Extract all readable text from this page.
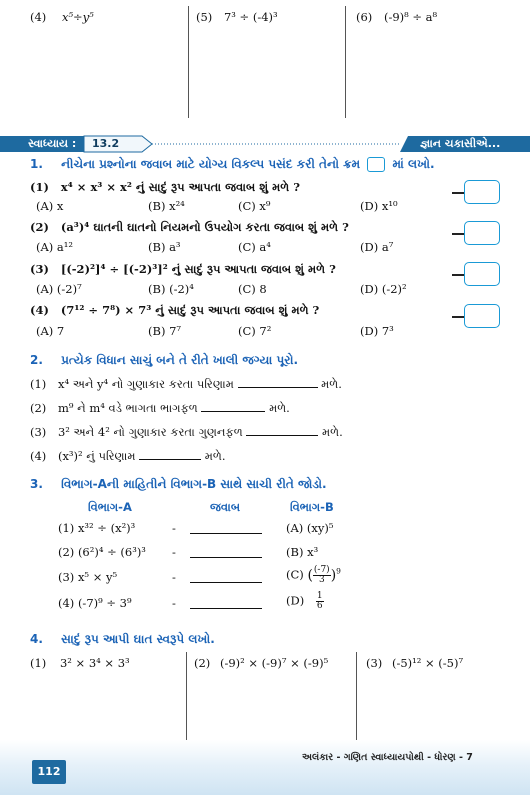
(4) x⁵÷y⁵	(5) 7³ ÷ (-4)³	(6) (-9)⁸ ÷ a⁸
સ્વાધ્યાય : 13.2	જ્ઞાન ચકાસીએ...
1. નીચેના પ્રશ્નોના જવાબ માટે યોગ્ય વિકલ્પ પસંદ કરી તેનો ક્રમ	માં લખો.
(1) x⁴ × x³ × x² નું સાદું રૂપ આપતા જવાબ શું મળે ?
(A) x	(B) x²⁴	(C) x⁹	(D) x¹⁰
(2) (a³)⁴ ઘાતની ઘાતનો નિયમનો ઉપયોગ કરતા જવાબ શું મળે ?
(A) a¹²	(B) a³	(C) a⁴	(D) a⁷
(3) [(-2)²]⁴ ÷ [(-2)³]² નું સાદું રૂપ આપતા જવાબ શું મળે ?
(A) (-2)⁷	(B) (-2)⁴	(C) 8	(D) (-2)²
(4) (7¹² ÷ 7⁸) × 7³ નું સાદું રૂપ આપતા જવાબ શું મળે ?
(A) 7	(B) 7⁷	(C) 7²	(D) 7³
2. પ્રત્યેક વિધાન સાચું બને તે રીતે ખાલી જગ્યા પૂરો.
(1) x⁴ અને y⁴ નો ગુણાકાર કરતા પરિણામ	મળે.
(2) m⁹ ને m⁴ વડે ભાગતા ભાગફળ	મળે.
(3) 3² અને 4² નો ગુણાકાર કરતા ગુણનફળ	મળે.
(4) (x³)² નું પરિણામ	મળે.
3. વિભાગ-Aની માહિતીને વિભાગ-B સાથે સાચી રીતે જોડો.
વિભાગ-A	જવાબ	વિભાગ-B
(1) x³² ÷ (x²)³	-	(A) (xy)⁵
(2) (6²)⁴ ÷ (6³)³ -	(B) x³
(3) x⁵ × y⁵	-	(C) ( $\frac{(-7)}{3} )^9$
(4) (-7)⁹ ÷ 3⁹	-	$(D) \frac{1}{6}$
4. સાદું રૂપ આપી ઘાત સ્વરૂપે લખો.
(1) 3² × 3⁴ × 3³	(2) (-9)² × (-9)⁷ × (-9)⁵	(3) (-5)¹² × (-5)⁷
112
અલંકાર - ગણિત સ્વાધ્યાયપોથી - ધોરણ - 7
